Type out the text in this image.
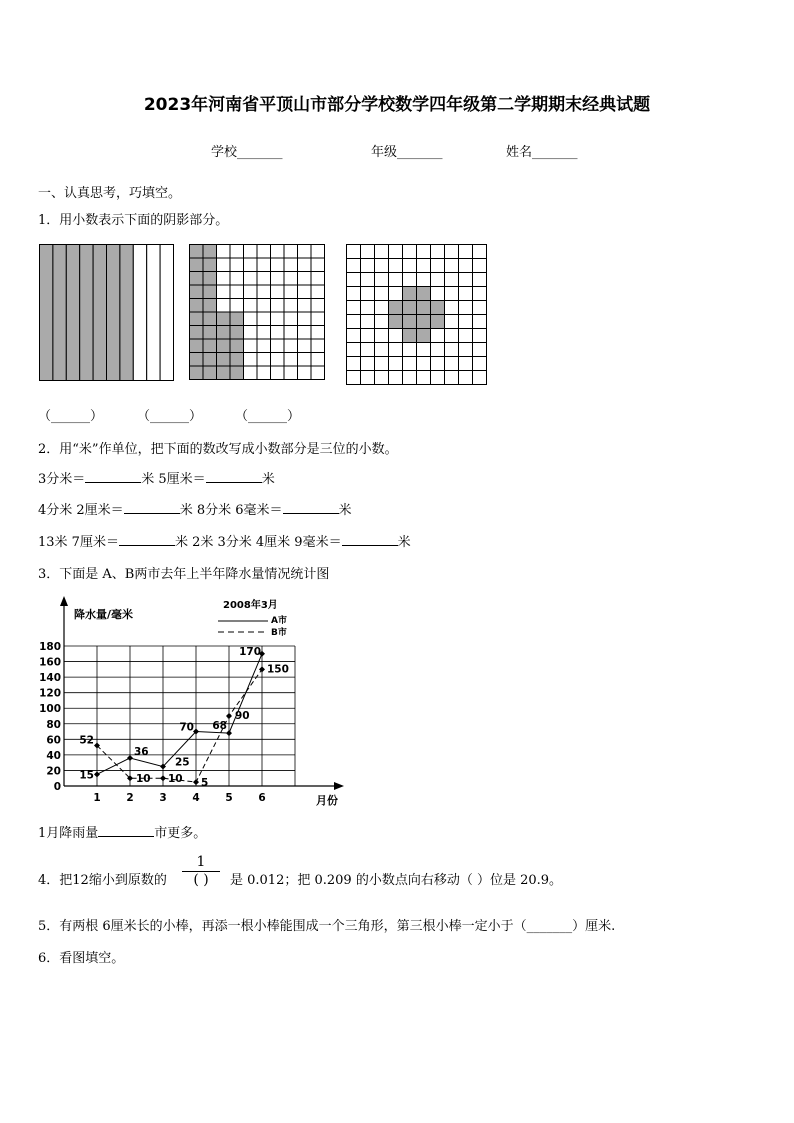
2023年河南省平顶山市部分学校数学四年级第二学期期末经典试题
学校_______	年级_______	姓名_______
一、认真思考，巧填空。
1．用小数表示下面的阴影部分。
（______）	（______）	（______）
2．用“米”作单位，把下面的数改写成小数部分是三位的小数。
3分米＝	米 5厘米＝	米
4分米 2厘米＝	米 8分米 6毫米＝	米
13米 7厘米＝	米 2米 3分米 4厘米 9毫米＝	米
3．下面是 A、B两市去年上半年降水量情况统计图
0
20
40
60
80
100
120
140
160
180
1 2 3 4 5 6
15
36
25
70 68
170
52
10 10 5
90
150
降水量/毫米
2008年3月
A市
B市
月份
1月降雨量	市更多。
4．把12缩小到原数的
1
( )	是 0.012；把 0.209 的小数点向右移动（ ）位是 20.9。
5．有两根 6厘米长的小棒，再添一根小棒能围成一个三角形，第三根小棒一定小于（_______）厘米.
6．看图填空。
